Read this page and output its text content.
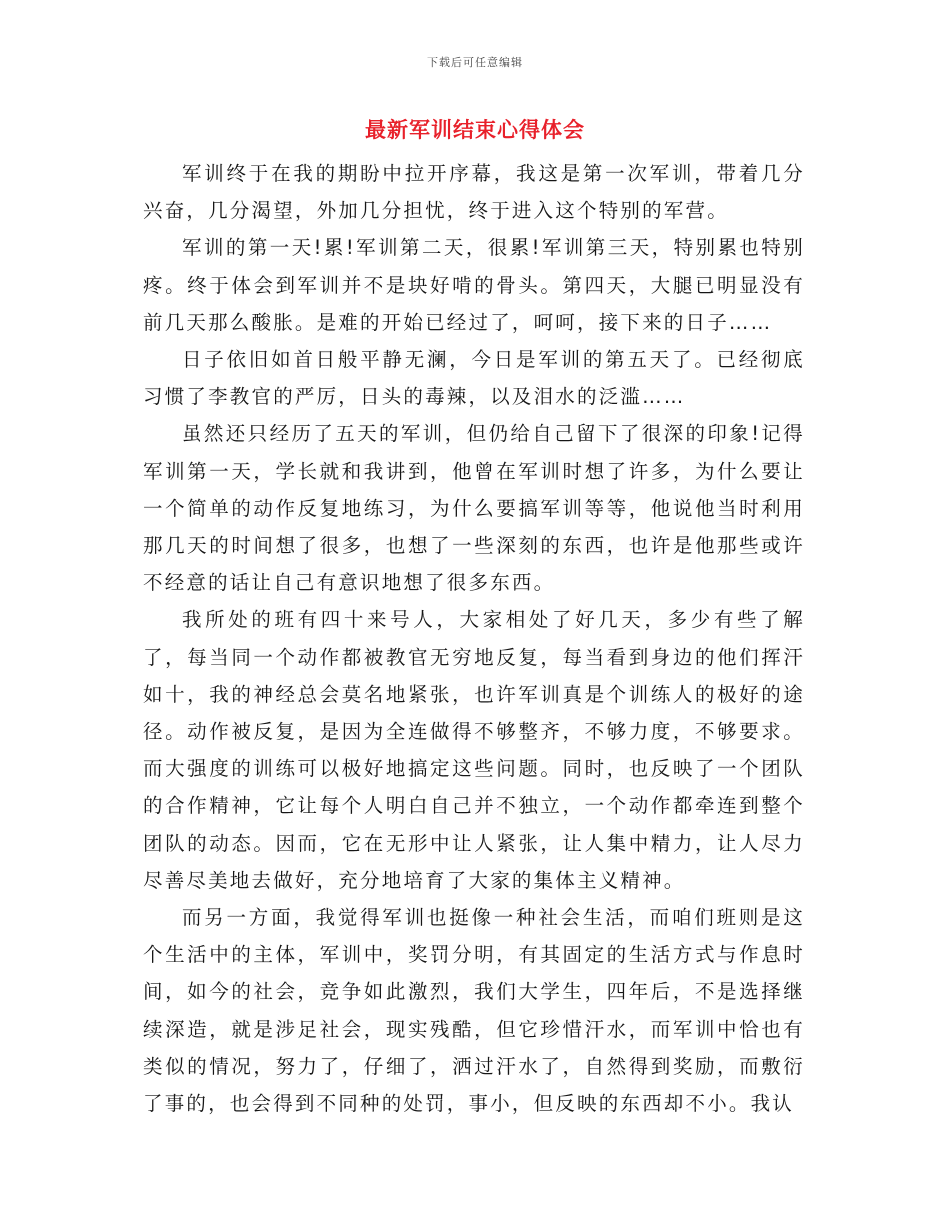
下载后可任意编辑
最新军训结束心得体会

军训终于在我的期盼中拉开序幕，我这是第一次军训，带着几分兴奋，几分渴望，外加几分担忧，终于进入这个特别的军营。

军训的第一天!累!军训第二天，很累!军训第三天，特别累也特别疼。终于体会到军训并不是块好啃的骨头。第四天，大腿已明显没有前几天那么酸胀。是难的开始已经过了，呵呵，接下来的日子……

日子依旧如首日般平静无澜，今日是军训的第五天了。已经彻底习惯了李教官的严厉，日头的毒辣，以及泪水的泛滥……

虽然还只经历了五天的军训，但仍给自己留下了很深的印象!记得军训第一天，学长就和我讲到，他曾在军训时想了许多，为什么要让一个简单的动作反复地练习，为什么要搞军训等等，他说他当时利用那几天的时间想了很多，也想了一些深刻的东西，也许是他那些或许不经意的话让自己有意识地想了很多东西。

我所处的班有四十来号人，大家相处了好几天，多少有些了解了，每当同一个动作都被教官无穷地反复，每当看到身边的他们挥汗如十，我的神经总会莫名地紧张，也许军训真是个训练人的极好的途径。动作被反复，是因为全连做得不够整齐，不够力度，不够要求。而大强度的训练可以极好地搞定这些问题。同时，也反映了一个团队的合作精神，它让每个人明白自己并不独立，一个动作都牵连到整个团队的动态。因而，它在无形中让人紧张，让人集中精力，让人尽力尽善尽美地去做好，充分地培育了大家的集体主义精神。

而另一方面，我觉得军训也挺像一种社会生活，而咱们班则是这个生活中的主体，军训中，奖罚分明，有其固定的生活方式与作息时间，如今的社会，竞争如此激烈，我们大学生，四年后，不是选择继续深造，就是涉足社会，现实残酷，但它珍惜汗水，而军训中恰也有类似的情况，努力了，仔细了，洒过汗水了，自然得到奖励，而敷衍了事的，也会得到不同种的处罚，事小，但反映的东西却不小。我认
